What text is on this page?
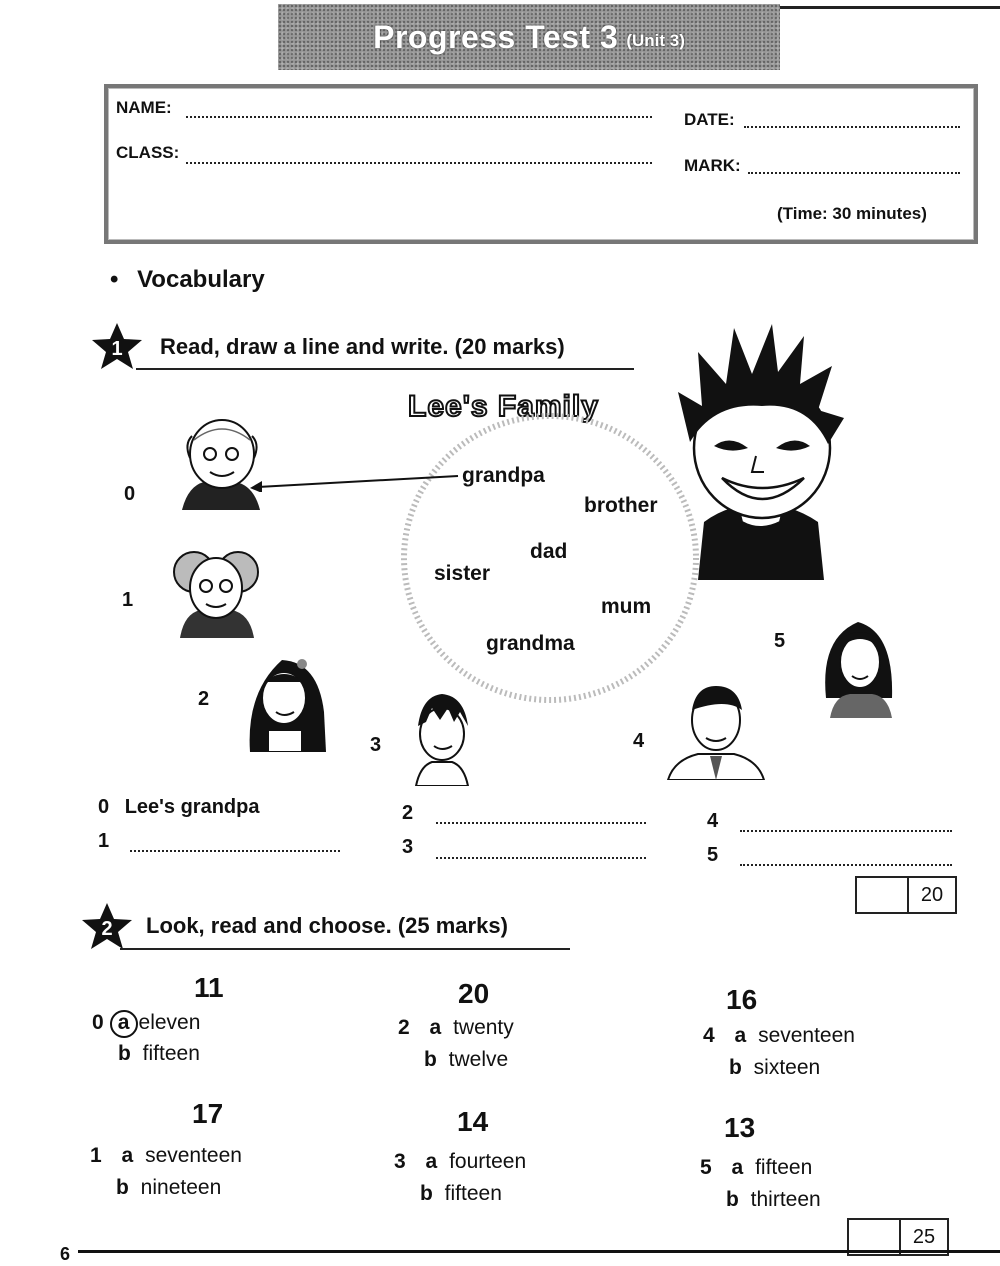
Progress Test 3 (Unit 3)
NAME:
DATE:
CLASS:
MARK:
(Time: 30 minutes)
• Vocabulary
1 Read, draw a line and write. (20 marks)
Lee's Family
grandpa
brother
dad
sister
mum
grandma
0
1
2
3	4
5
0 Lee's grandpa
1
2
3
4
5
20
2 Look, read and choose. (25 marks)
11
0 a eleven
b fifteen
17
1 a seventeen
b nineteen
20
2 a twenty
b twelve
14
3 a fourteen
b fifteen
16
4 a seventeen
b sixteen
13
5 a fifteen
b thirteen
25
6
